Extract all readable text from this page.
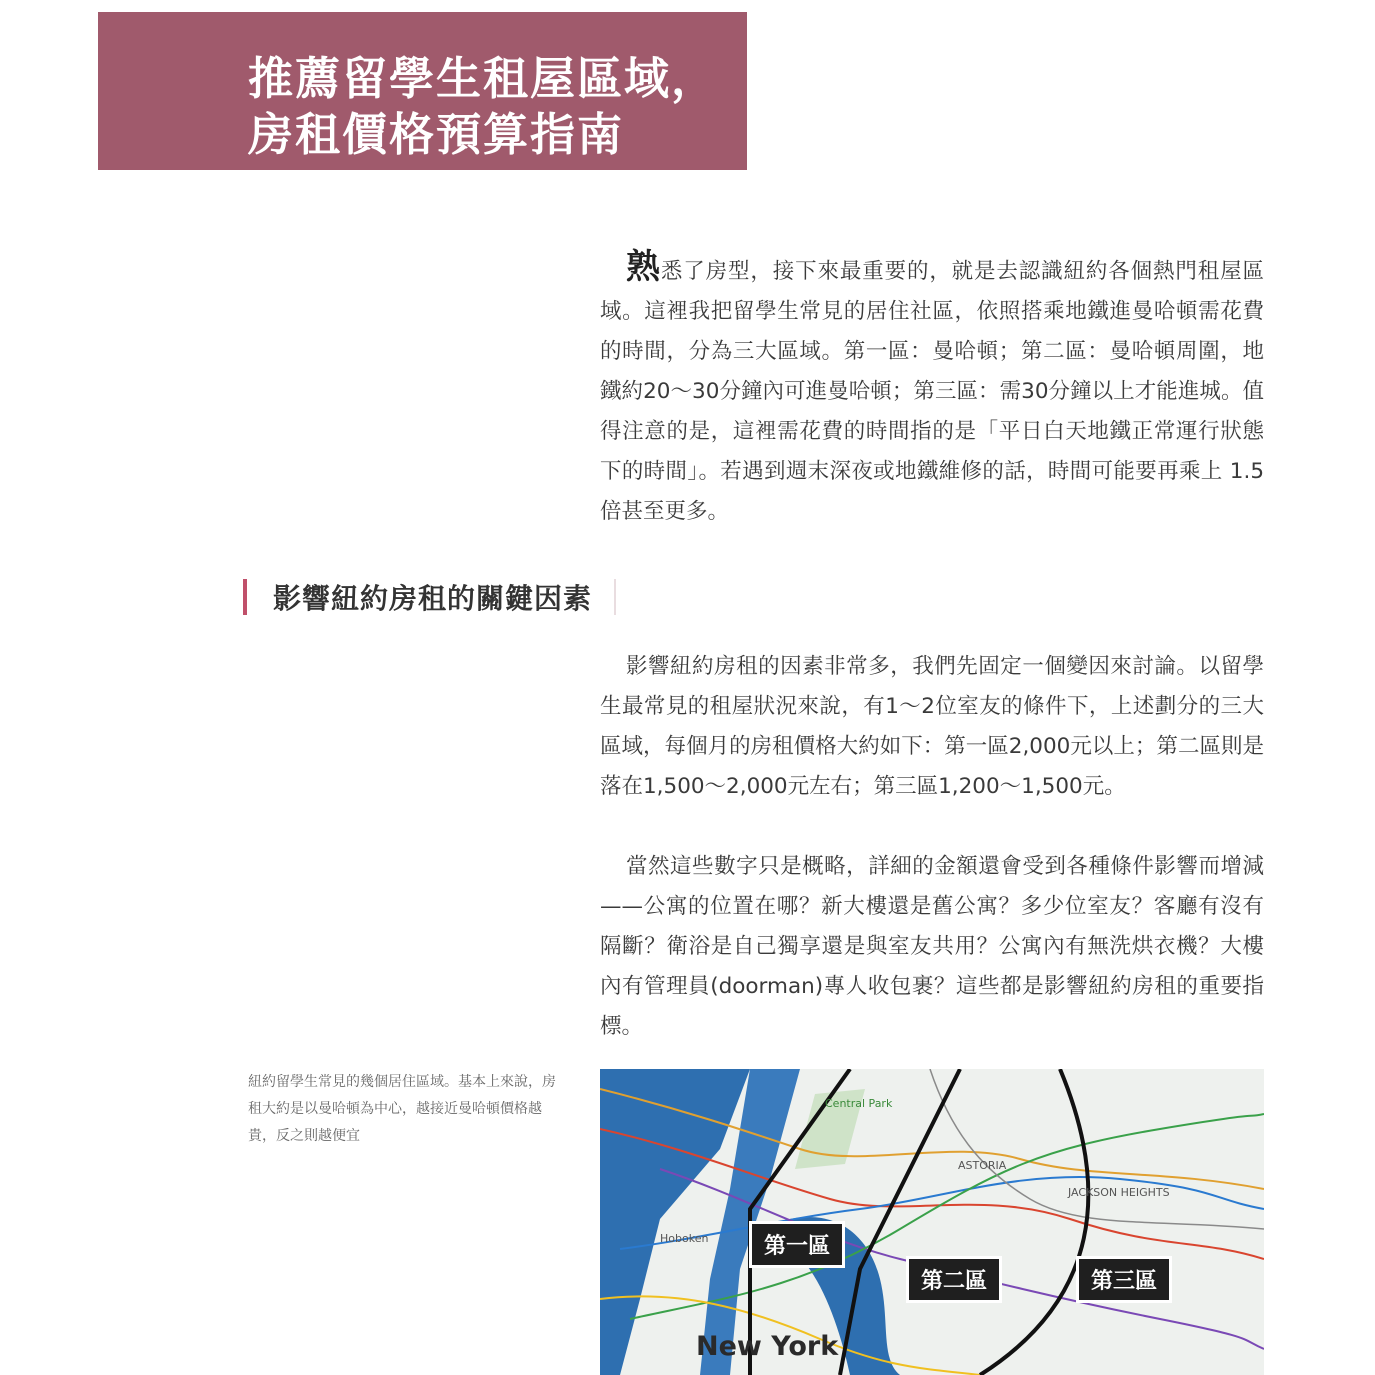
推薦留學生租屋區域，
房租價格預算指南

熟悉了房型，接下來最重要的，就是去認識紐約各個熱門租屋區域。這裡我把留學生常見的居住社區，依照搭乘地鐵進曼哈頓需花費的時間，分為三大區域。第一區：曼哈頓；第二區：曼哈頓周圍，地鐵約20～30分鐘內可進曼哈頓；第三區：需30分鐘以上才能進城。值得注意的是，這裡需花費的時間指的是「平日白天地鐵正常運行狀態下的時間」。若遇到週末深夜或地鐵維修的話，時間可能要再乘上 1.5 倍甚至更多。

影響紐約房租的關鍵因素

影響紐約房租的因素非常多，我們先固定一個變因來討論。以留學生最常見的租屋狀況來說，有1～2位室友的條件下，上述劃分的三大區域，每個月的房租價格大約如下：第一區2,000元以上；第二區則是落在1,500～2,000元左右；第三區1,200～1,500元。

當然這些數字只是概略，詳細的金額還會受到各種條件影響而增減——公寓的位置在哪？新大樓還是舊公寓？多少位室友？客廳有沒有隔斷？衛浴是自己獨享還是與室友共用？公寓內有無洗烘衣機？大樓內有管理員(doorman)專人收包裹？這些都是影響紐約房租的重要指標。

紐約留學生常見的幾個居住區域。基本上來說，房租大約是以曼哈頓為中心，越接近曼哈頓價格越貴，反之則越便宜

Central Park
Hoboken
ASTORIA
JACKSON HEIGHTS
第一區
第二區	第三區
New York
